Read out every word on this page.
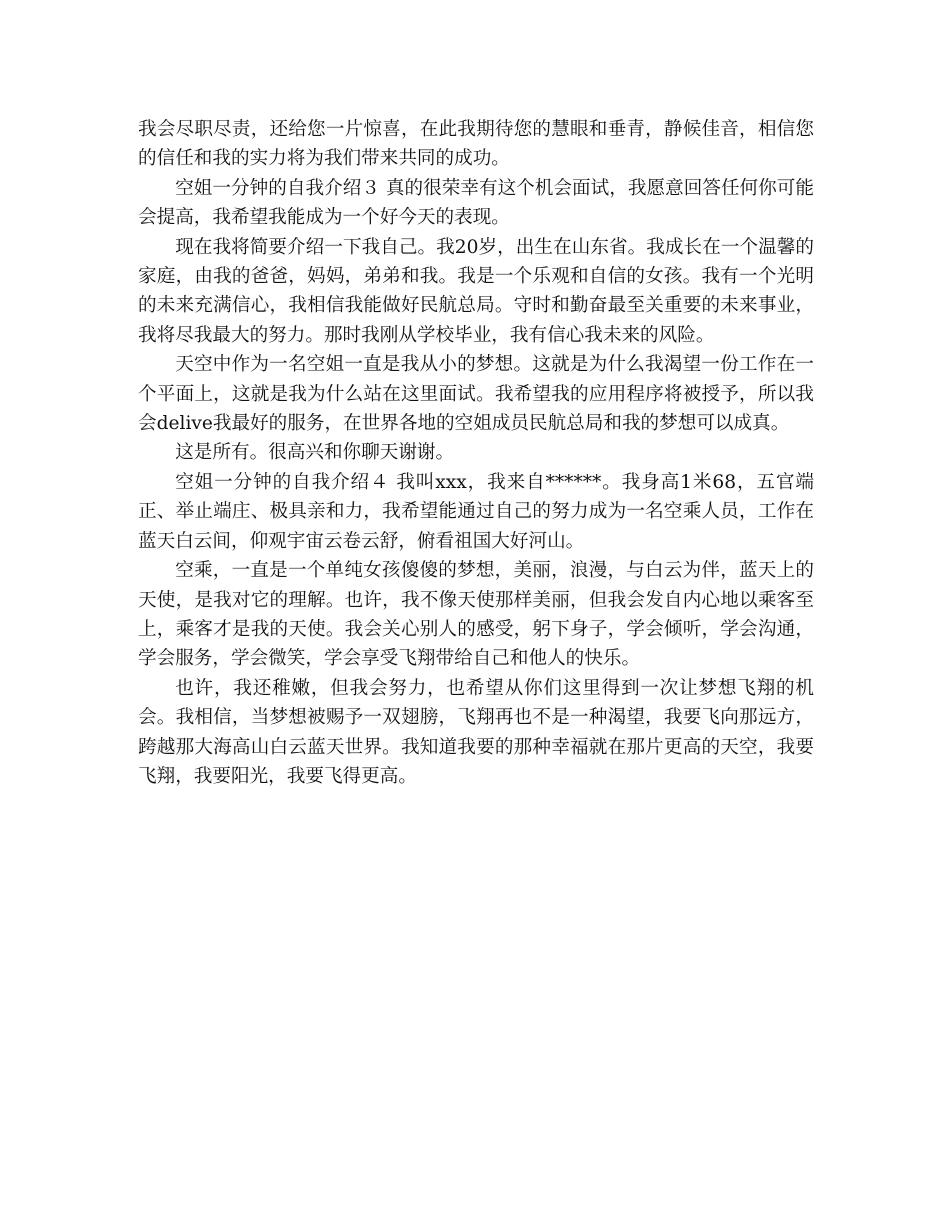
我会尽职尽责，还给您一片惊喜，在此我期待您的慧眼和垂青，静候佳音，相信您的信任和我的实力将为我们带来共同的成功。

空姐一分钟的自我介绍３ 真的很荣幸有这个机会面试，我愿意回答任何你可能会提高，我希望我能成为一个好今天的表现。

现在我将简要介绍一下我自己。我20岁，出生在山东省。我成长在一个温馨的家庭，由我的爸爸，妈妈，弟弟和我。我是一个乐观和自信的女孩。我有一个光明的未来充满信心，我相信我能做好民航总局。守时和勤奋最至关重要的未来事业，我将尽我最大的努力。那时我刚从学校毕业，我有信心我未来的风险。

天空中作为一名空姐一直是我从小的梦想。这就是为什么我渴望一份工作在一个平面上，这就是我为什么站在这里面试。我希望我的应用程序将被授予，所以我会delive我最好的服务，在世界各地的空姐成员民航总局和我的梦想可以成真。

这是所有。很高兴和你聊天谢谢。

空姐一分钟的自我介绍４ 我叫xxx，我来自******。我身高1米68，五官端正、举止端庄、极具亲和力，我希望能通过自己的努力成为一名空乘人员，工作在蓝天白云间，仰观宇宙云卷云舒，俯看祖国大好河山。

空乘，一直是一个单纯女孩傻傻的梦想，美丽，浪漫，与白云为伴，蓝天上的天使，是我对它的理解。也许，我不像天使那样美丽，但我会发自内心地以乘客至上，乘客才是我的天使。我会关心别人的感受，躬下身子，学会倾听，学会沟通，学会服务，学会微笑，学会享受飞翔带给自己和他人的快乐。

也许，我还稚嫩，但我会努力，也希望从你们这里得到一次让梦想飞翔的机会。我相信，当梦想被赐予一双翅膀，飞翔再也不是一种渴望，我要飞向那远方，跨越那大海高山白云蓝天世界。我知道我要的那种幸福就在那片更高的天空，我要飞翔，我要阳光，我要飞得更高。
